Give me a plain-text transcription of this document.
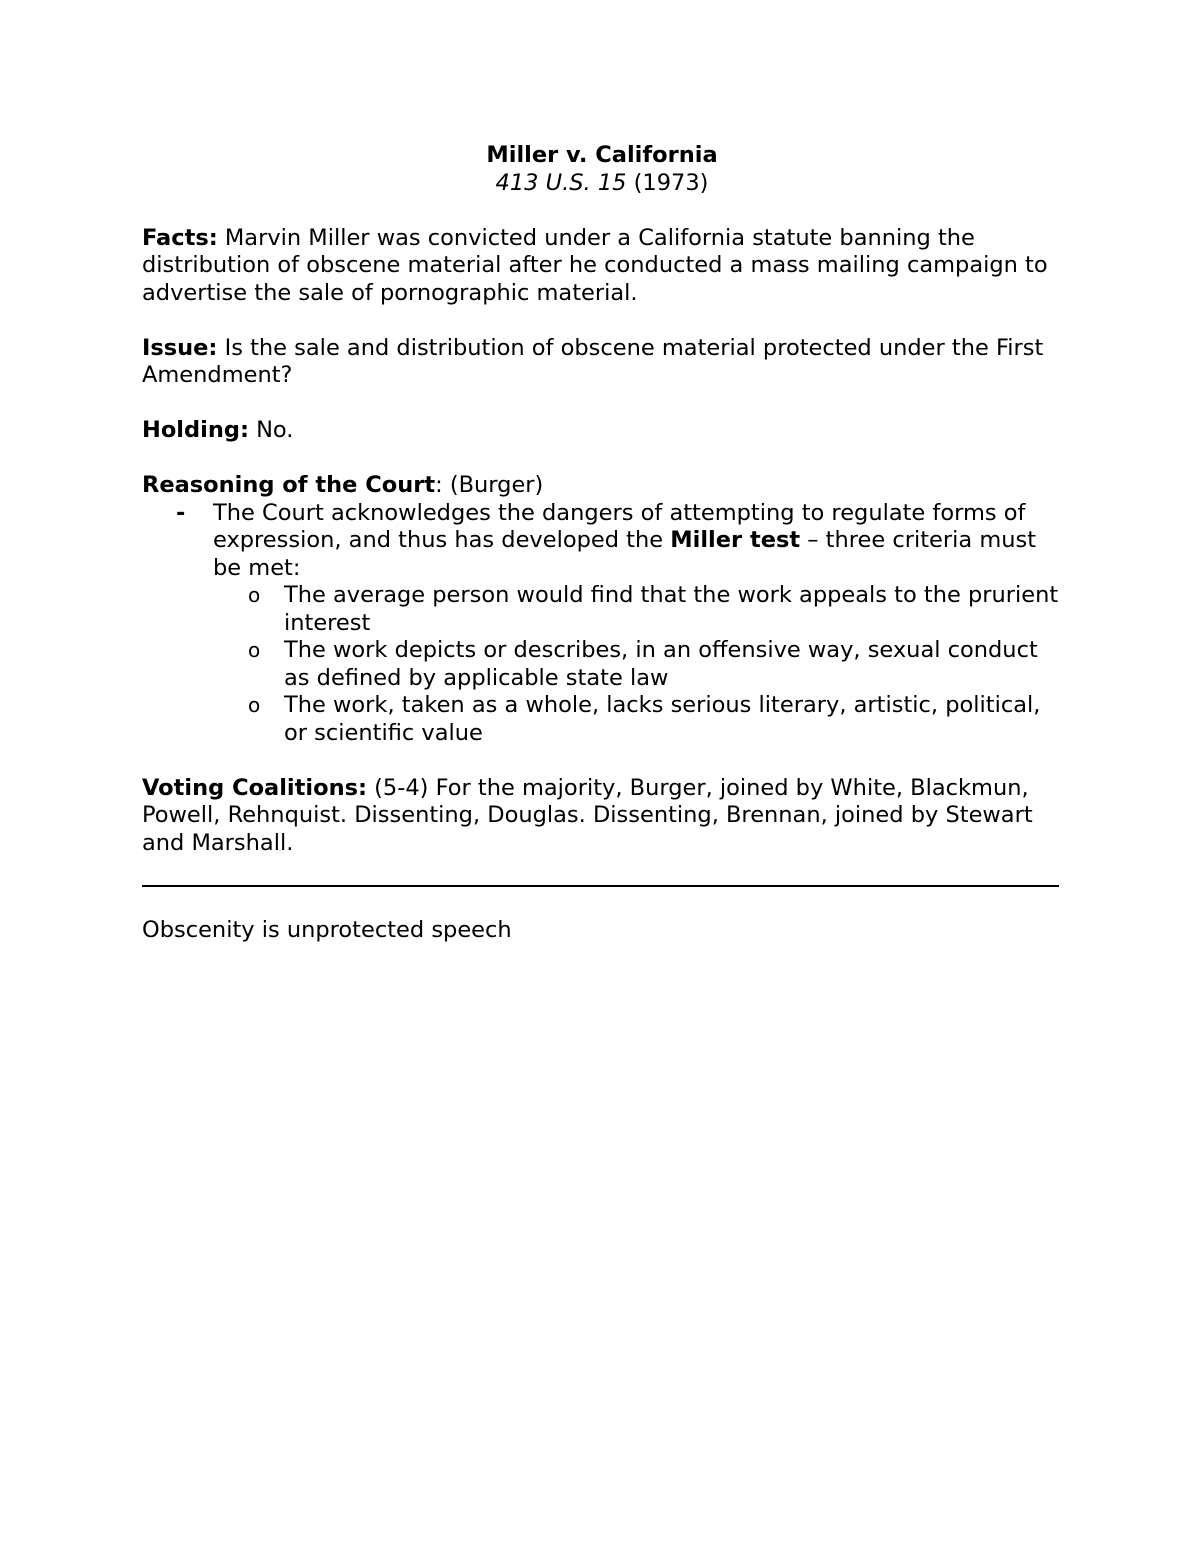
Miller v. California

413 U.S. 15 (1973)

Facts: Marvin Miller was convicted under a California statute banning the distribution of obscene material after he conducted a mass mailing campaign to advertise the sale of pornographic material.

Issue: Is the sale and distribution of obscene material protected under the First Amendment?

Holding: No.

Reasoning of the Court: (Burger)

- The Court acknowledges the dangers of attempting to regulate forms of expression, and thus has developed the Miller test – three criteria must be met:
o The average person would find that the work appeals to the prurient interest
o The work depicts or describes, in an offensive way, sexual conduct as defined by applicable state law
o The work, taken as a whole, lacks serious literary, artistic, political, or scientific value

Voting Coalitions: (5-4) For the majority, Burger, joined by White, Blackmun, Powell, Rehnquist. Dissenting, Douglas. Dissenting, Brennan, joined by Stewart and Marshall.

Obscenity is unprotected speech
